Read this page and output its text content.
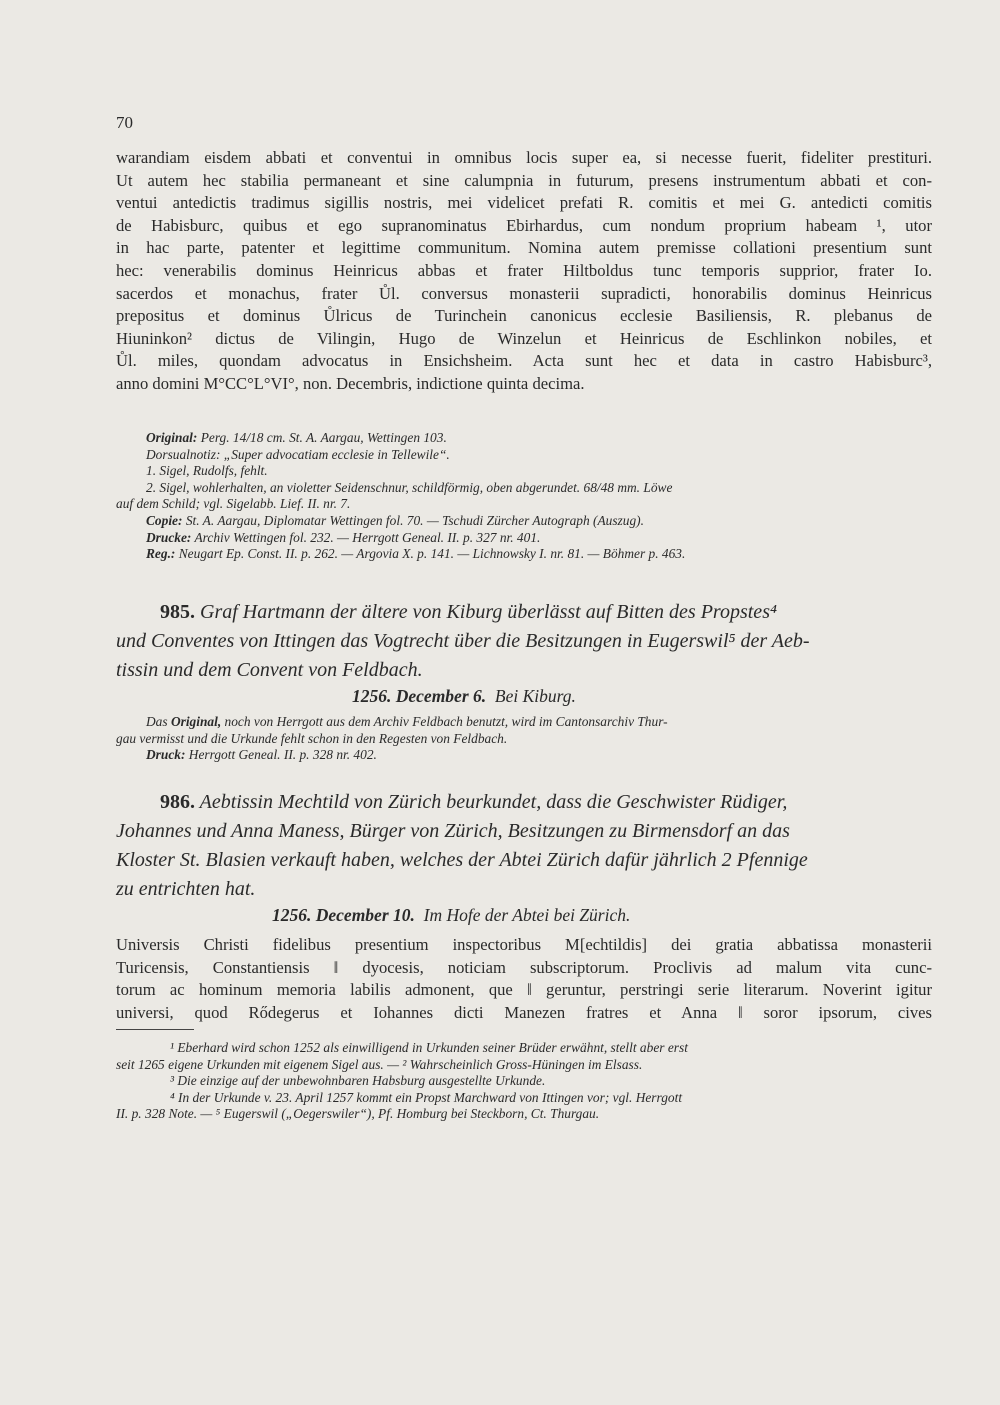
70
warandiam eisdem abbati et conventui in omnibus locis super ea, si necesse fuerit, fideliter prestituri.
Ut autem hec stabilia permaneant et sine calumpnia in futurum, presens instrumentum abbati et con-
ventui antedictis tradimus sigillis nostris, mei videlicet prefati R. comitis et mei G. antedicti comitis
de Habisburc, quibus et ego supranominatus Ebirhardus, cum nondum proprium habeam ¹, utor
in hac parte, patenter et legittime communitum. Nomina autem premisse collationi presentium sunt
hec: venerabilis dominus Heinricus abbas et frater Hiltboldus tunc temporis supprior, frater Io.
sacerdos et monachus, frater Ůl. conversus monasterii supradicti, honorabilis dominus Heinricus
prepositus et dominus Ůlricus de Turinchein canonicus ecclesie Basiliensis, R. plebanus de
Hiuninkon² dictus de Vilingin, Hugo de Winzelun et Heinricus de Eschlinkon nobiles, et
Ůl. miles, quondam advocatus in Ensichsheim. Acta sunt hec et data in castro Habisburc³,
anno domini M°CC°L°VI°, non. Decembris, indictione quinta decima.
Original: Perg. 14/18 cm. St. A. Aargau, Wettingen 103.
Dorsualnotiz: „Super advocatiam ecclesie in Tellewile“.
1. Sigel, Rudolfs, fehlt.
2. Sigel, wohlerhalten, an violetter Seidenschnur, schildförmig, oben abgerundet. 68/48 mm. Löwe
auf dem Schild; vgl. Sigelabb. Lief. II. nr. 7.
Copie: St. A. Aargau, Diplomatar Wettingen fol. 70. — Tschudi Zürcher Autograph (Auszug).
Drucke: Archiv Wettingen fol. 232. — Herrgott Geneal. II. p. 327 nr. 401.
Reg.: Neugart Ep. Const. II. p. 262. — Argovia X. p. 141. — Lichnowsky I. nr. 81. — Böhmer p. 463.
985. Graf Hartmann der ältere von Kiburg überlässt auf Bitten des Propstes⁴
und Conventes von Ittingen das Vogtrecht über die Besitzungen in Eugerswil⁵ der Aeb-
tissin und dem Convent von Feldbach.
1256. December 6. Bei Kiburg.
Das Original, noch von Herrgott aus dem Archiv Feldbach benutzt, wird im Cantonsarchiv Thur-
gau vermisst und die Urkunde fehlt schon in den Regesten von Feldbach.
Druck: Herrgott Geneal. II. p. 328 nr. 402.
986. Aebtissin Mechtild von Zürich beurkundet, dass die Geschwister Rüdiger,
Johannes und Anna Maness, Bürger von Zürich, Besitzungen zu Birmensdorf an das
Kloster St. Blasien verkauft haben, welches der Abtei Zürich dafür jährlich 2 Pfennige
zu entrichten hat.
1256. December 10. Im Hofe der Abtei bei Zürich.
Universis Christi fidelibus presentium inspectoribus M[echtildis] dei gratia abbatissa monasterii
Turicensis, Constantiensis ‖ dyocesis, noticiam subscriptorum. Proclivis ad malum vita cunc-
torum ac hominum memoria labilis admonent, que ‖ geruntur, perstringi serie literarum. Noverint igitur
universi, quod Rődegerus et Iohannes dicti Manezen fratres et Anna ‖ soror ipsorum, cives
¹ Eberhard wird schon 1252 als einwilligend in Urkunden seiner Brüder erwähnt, stellt aber erst
seit 1265 eigene Urkunden mit eigenem Sigel aus. — ² Wahrscheinlich Gross-Hüningen im Elsass.
³ Die einzige auf der unbewohnbaren Habsburg ausgestellte Urkunde.
⁴ In der Urkunde v. 23. April 1257 kommt ein Propst Marchward von Ittingen vor; vgl. Herrgott
II. p. 328 Note. — ⁵ Eugerswil („Oegerswiler“), Pf. Homburg bei Steckborn, Ct. Thurgau.
